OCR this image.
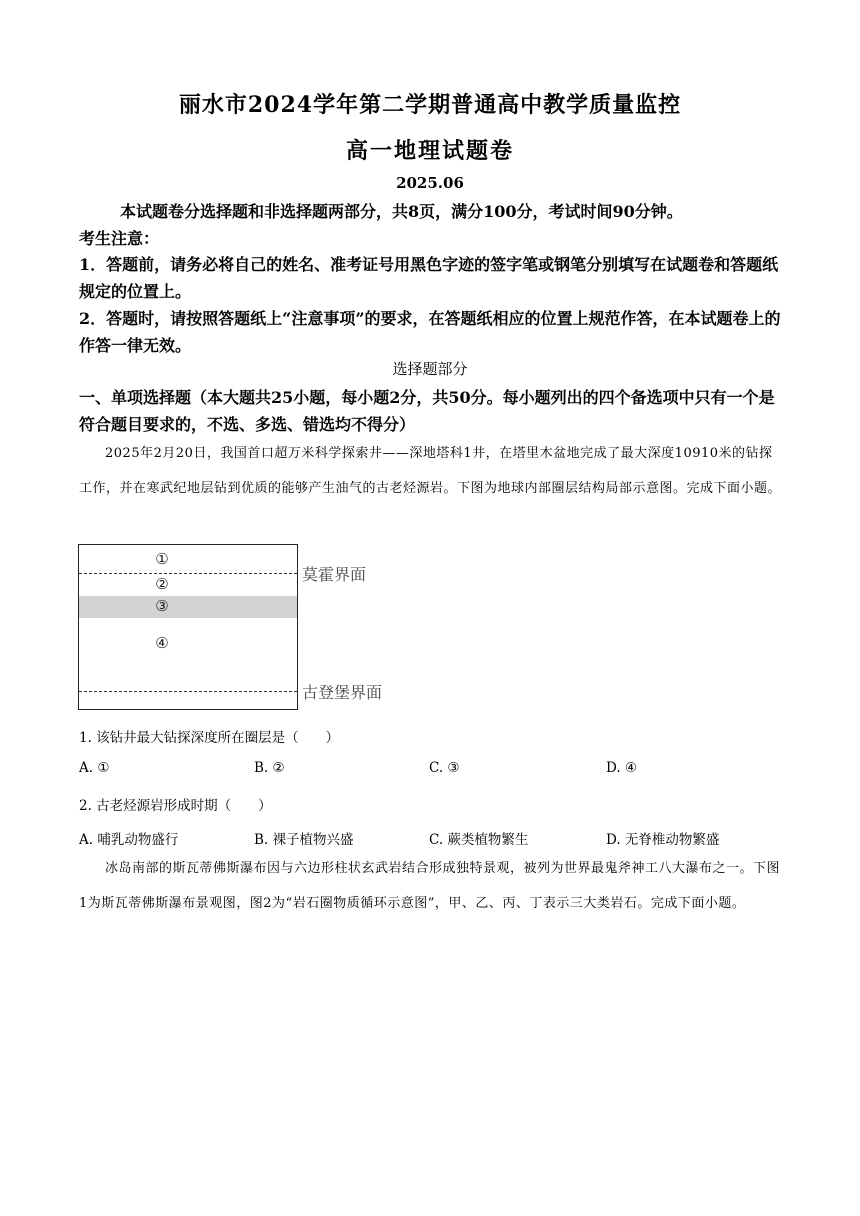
丽水市2024学年第二学期普通高中教学质量监控
高一地理试题卷
2025.06
本试题卷分选择题和非选择题两部分，共8页，满分100分，考试时间90分钟。
考生注意：
1．答题前，请务必将自己的姓名、准考证号用黑色字迹的签字笔或钢笔分别填写在试题卷和答题纸规定的位置上。
2．答题时，请按照答题纸上“注意事项”的要求，在答题纸相应的位置上规范作答，在本试题卷上的作答一律无效。
选择题部分
一、单项选择题（本大题共25小题，每小题2分，共50分。每小题列出的四个备选项中只有一个是符合题目要求的，不选、多选、错选均不得分）
2025年2月20日，我国首口超万米科学探索井——深地塔科1井，在塔里木盆地完成了最大深度10910米的钻探工作，并在寒武纪地层钻到优质的能够产生油气的古老烃源岩。下图为地球内部圈层结构局部示意图。完成下面小题。
①
②
③
④
莫霍界面
古登堡界面
1. 该钻井最大钻探深度所在圈层是（　　）
A. ①	B. ②	C. ③	D. ④
2. 古老烃源岩形成时期（　　）
A. 哺乳动物盛行	B. 裸子植物兴盛	C. 蕨类植物繁生	D. 无脊椎动物繁盛
冰岛南部的斯瓦蒂佛斯瀑布因与六边形柱状玄武岩结合形成独特景观，被列为世界最鬼斧神工八大瀑布之一。下图1为斯瓦蒂佛斯瀑布景观图，图2为“岩石圈物质循环示意图”，甲、乙、丙、丁表示三大类岩石。完成下面小题。
